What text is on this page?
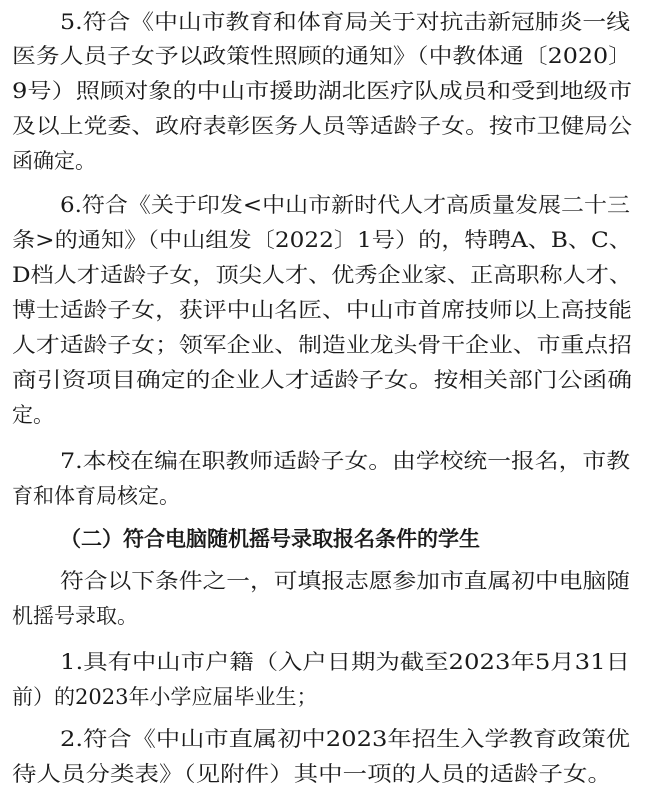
5.符合《中山市教育和体育局关于对抗击新冠肺炎一线
医务人员子女予以政策性照顾的通知》（中教体通〔2020〕
9号）照顾对象的中山市援助湖北医疗队成员和受到地级市
及以上党委、政府表彰医务人员等适龄子女。按市卫健局公
函确定。
6.符合《关于印发<中山市新时代人才高质量发展二十三
条>的通知》（中山组发〔2022〕1号）的，特聘A、B、C、
D档人才适龄子女，顶尖人才、优秀企业家、正高职称人才、
博士适龄子女，获评中山名匠、中山市首席技师以上高技能
人才适龄子女；领军企业、制造业龙头骨干企业、市重点招
商引资项目确定的企业人才适龄子女。按相关部门公函确
定。
7.本校在编在职教师适龄子女。由学校统一报名，市教
育和体育局核定。
（二）符合电脑随机摇号录取报名条件的学生
符合以下条件之一，可填报志愿参加市直属初中电脑随
机摇号录取。
1.具有中山市户籍（入户日期为截至2023年5月31日
前）的2023年小学应届毕业生；
2.符合《中山市直属初中2023年招生入学教育政策优
待人员分类表》（见附件）其中一项的人员的适龄子女。
